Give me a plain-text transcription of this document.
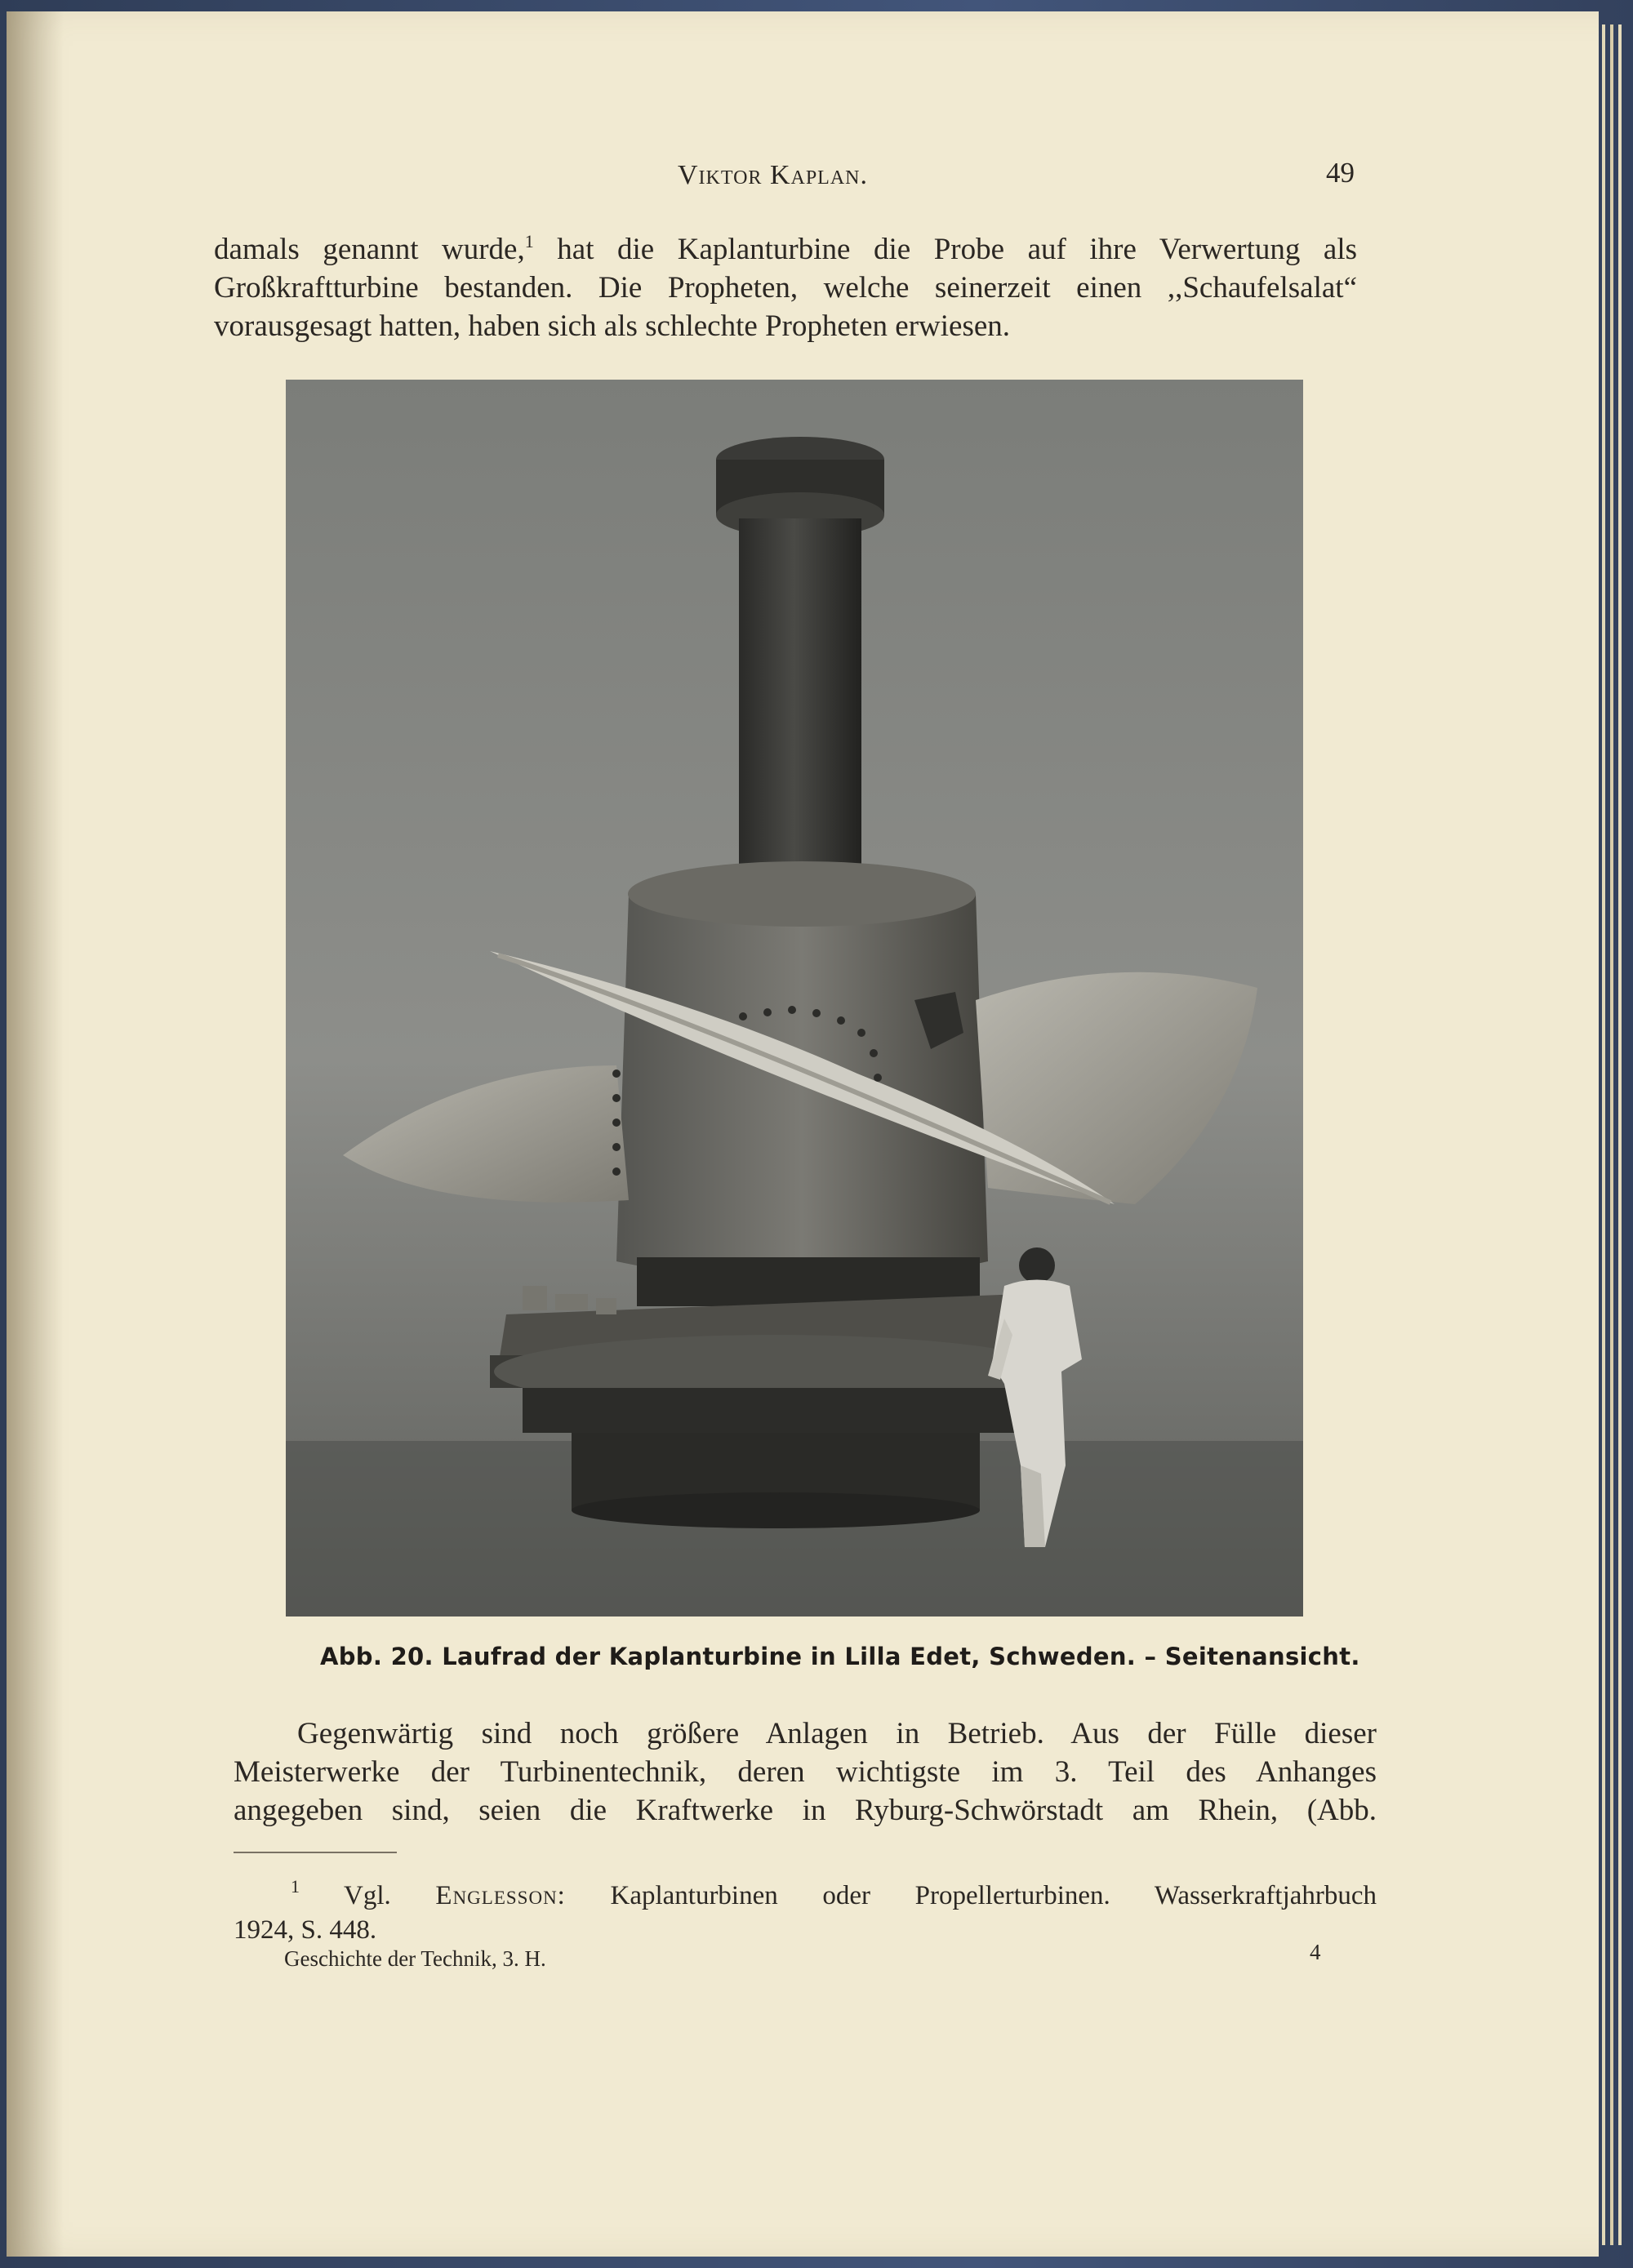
Viktor Kaplan.	49
damals genannt wurde,$^1$ hat die Kaplanturbine die Probe auf ihre Verwertung als
Großkraftturbine bestanden. Die Propheten, welche seinerzeit einen ,,Schaufelsalat“
vorausgesagt hatten, haben sich als schlechte Propheten erwiesen.
Abb. 20. Laufrad der Kaplanturbine in Lilla Edet, Schweden. – Seitenansicht.
Gegenwärtig sind noch größere Anlagen in Betrieb. Aus der Fülle dieser
Meisterwerke der Turbinentechnik, deren wichtigste im 3. Teil des Anhanges
angegeben sind, seien die Kraftwerke in Ryburg-Schwörstadt am Rhein, (Abb.
$^1$ Vgl. Englesson: Kaplanturbinen oder Propellerturbinen. Wasserkraftjahrbuch
1924, S. 448.
Geschichte der Technik, 3. H.	4
